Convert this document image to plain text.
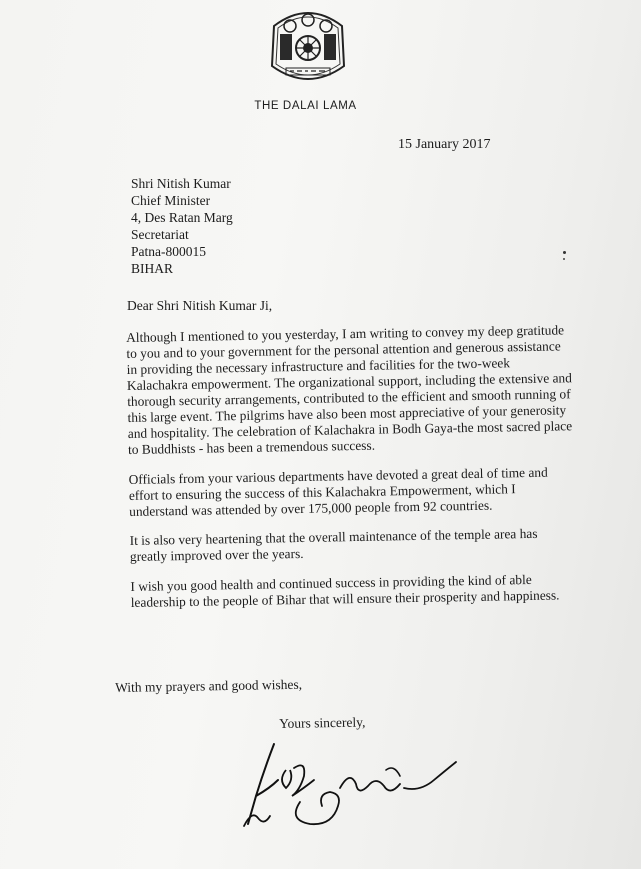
THE DALAI LAMA
15 January 2017
Shri Nitish Kumar
Chief Minister
4, Des Ratan Marg
Secretariat
Patna-800015
BIHAR
Dear Shri Nitish Kumar Ji,

Although I mentioned to you yesterday, I am writing to convey my deep gratitude to you and to your government for the personal attention and generous assistance in providing the necessary infrastructure and facilities for the two-week Kalachakra empowerment. The organizational support, including the extensive and thorough security arrangements, contributed to the efficient and smooth running of this large event. The pilgrims have also been most appreciative of your generosity and hospitality. The celebration of Kalachakra in Bodh Gaya-the most sacred place to Buddhists - has been a tremendous success.

Officials from your various departments have devoted a great deal of time and effort to ensuring the success of this Kalachakra Empowerment, which I understand was attended by over 175,000 people from 92 countries.

It is also very heartening that the overall maintenance of the temple area has greatly improved over the years.

I wish you good health and continued success in providing the kind of able leadership to the people of Bihar that will ensure their prosperity and happiness.

With my prayers and good wishes,
Yours sincerely,
